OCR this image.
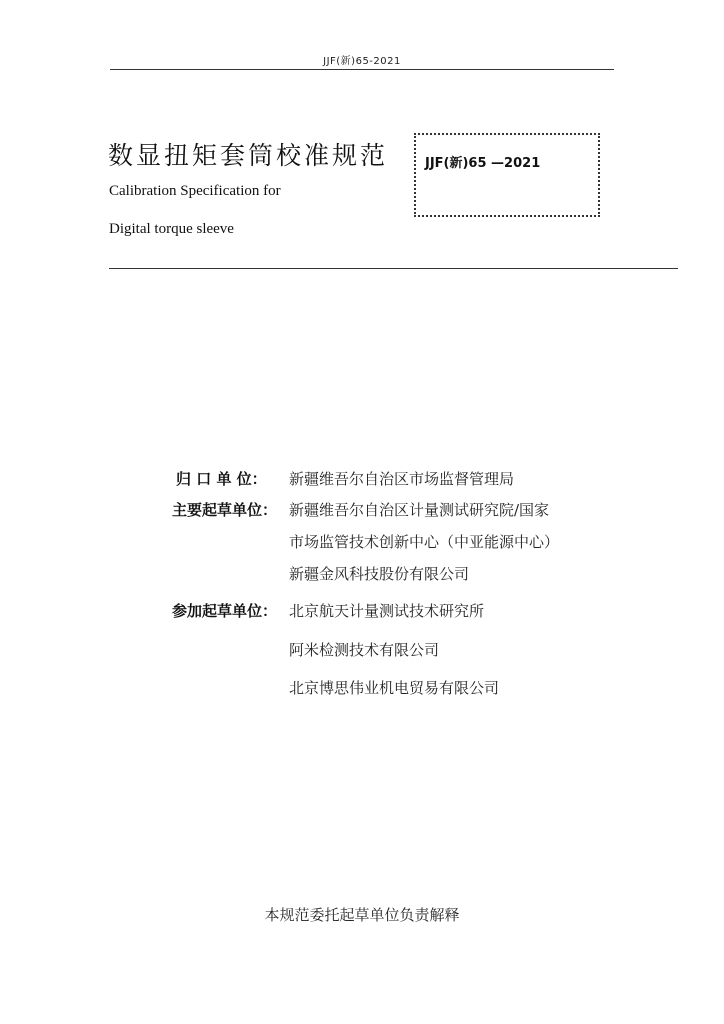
JJF(新)65-2021
数显扭矩套筒校准规范
Calibration Specification for
Digital torque sleeve
JJF(新)65 —2021
归 口 单 位： 新疆维吾尔自治区市场监督管理局
主要起草单位： 新疆维吾尔自治区计量测试研究院/国家
市场监管技术创新中心（中亚能源中心）
新疆金风科技股份有限公司
参加起草单位： 北京航天计量测试技术研究所
阿米检测技术有限公司
北京博思伟业机电贸易有限公司
本规范委托起草单位负责解释
